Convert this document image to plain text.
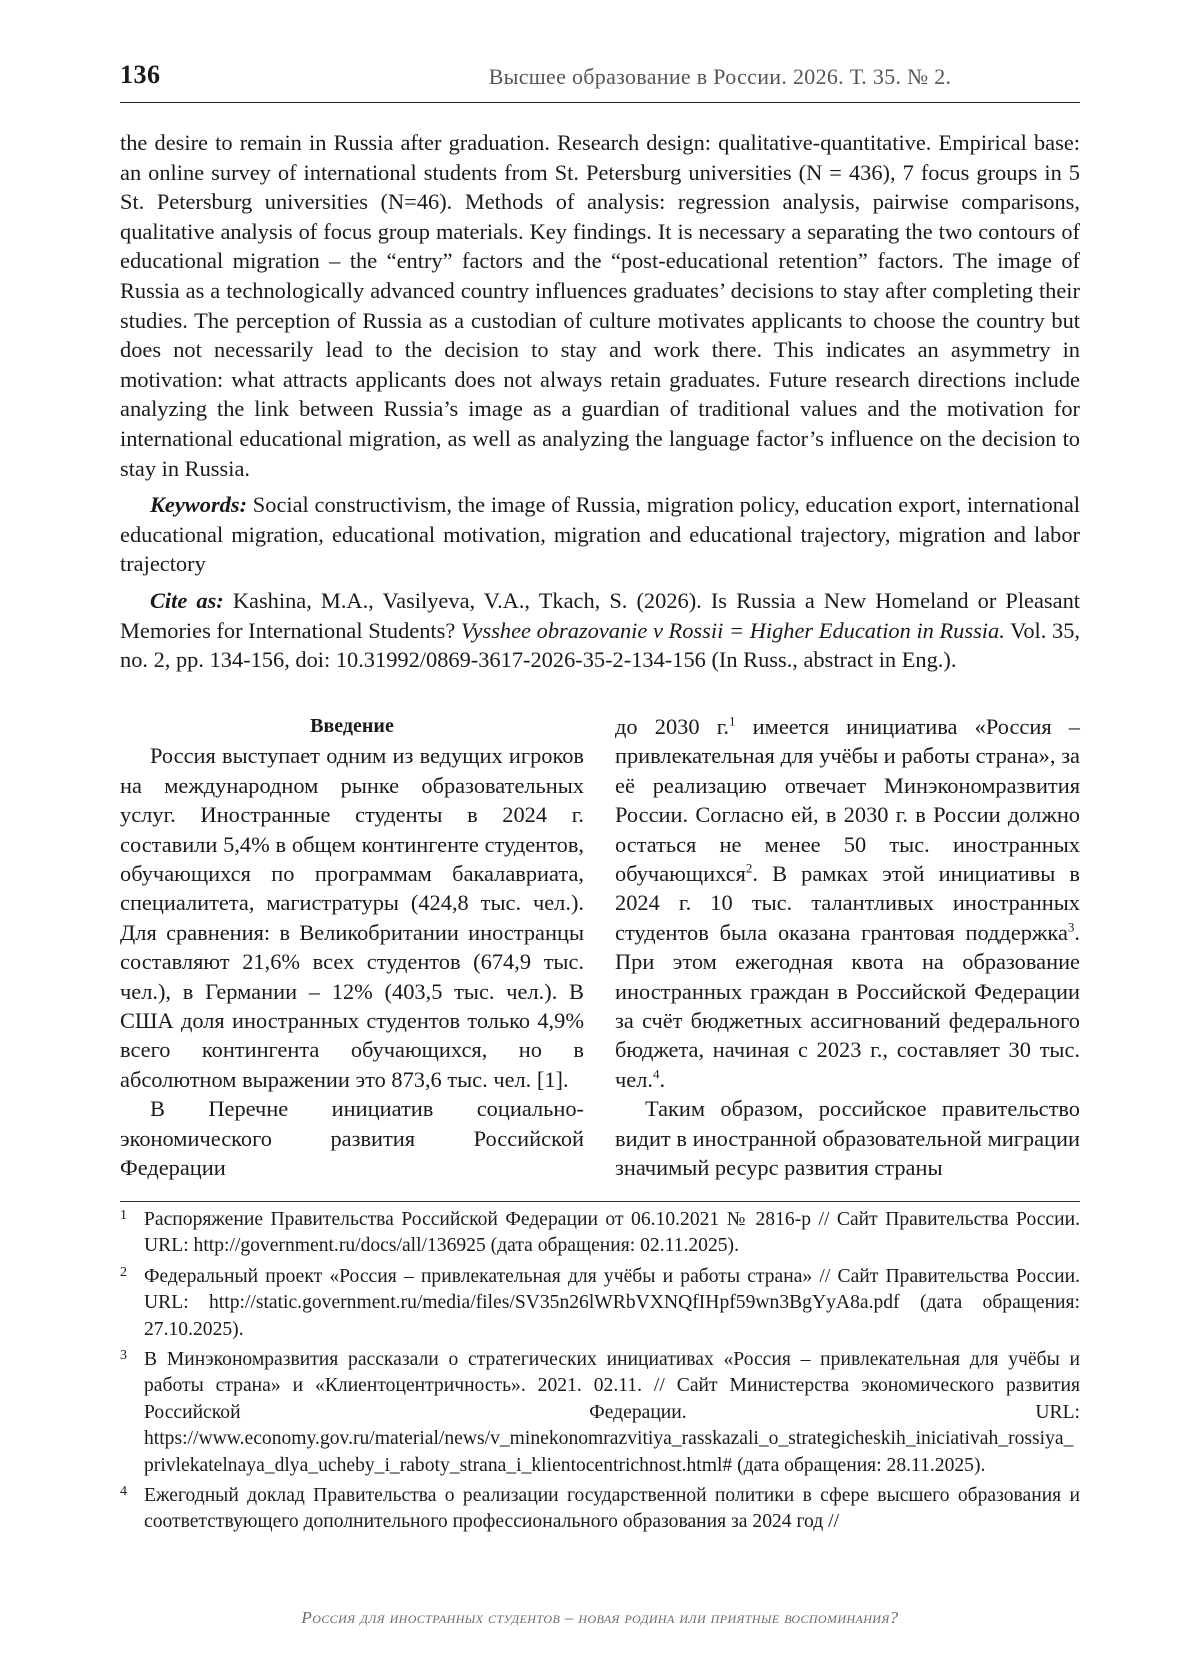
136	Высшее образование в России. 2026. Т. 35. № 2.

the desire to remain in Russia after graduation. Research design: qualitative-quantitative. Empirical base: an online survey of international students from St. Petersburg universities (N = 436), 7 focus groups in 5 St. Petersburg universities (N=46). Methods of analysis: regression analysis, pairwise comparisons, qualitative analysis of focus group materials. Key findings. It is necessary a separating the two contours of educational migration – the “entry” factors and the “post-educational retention” factors. The image of Russia as a technologically advanced country influences graduates’ decisions to stay after completing their studies. The perception of Russia as a custodian of culture motivates applicants to choose the country but does not necessarily lead to the decision to stay and work there. This indicates an asymmetry in motivation: what attracts applicants does not always retain graduates. Future research directions include analyzing the link between Russia’s image as a guardian of traditional values and the motivation for international educational migration, as well as analyzing the language factor’s influence on the decision to stay in Russia.

Keywords: Social constructivism, the image of Russia, migration policy, education export, international educational migration, educational motivation, migration and educational trajectory, migration and labor trajectory

Cite as: Kashina, M.A., Vasilyeva, V.A., Tkach, S. (2026). Is Russia a New Homeland or Pleasant Memories for International Students? Vysshee obrazovanie v Rossii = Higher Education in Russia. Vol. 35, no. 2, pp. 134-156, doi: 10.31992/0869-3617-2026-35-2-134-156 (In Russ., abstract in Eng.).

Введение

Россия выступает одним из ведущих игроков на международном рынке образовательных услуг. Иностранные студенты в 2024 г. составили 5,4% в общем контингенте студентов, обучающихся по программам бакалавриата, специалитета, магистратуры (424,8 тыс. чел.). Для сравнения: в Великобритании иностранцы составляют 21,6% всех студентов (674,9 тыс. чел.), в Германии – 12% (403,5 тыс. чел.). В США доля иностранных студентов только 4,9% всего контингента обучающихся, но в абсолютном выражении это 873,6 тыс. чел. [1].

В Перечне инициатив социально-экономического развития Российской Федерации

до 2030 г.$^1$ имеется инициатива «Россия – привлекательная для учёбы и работы страна», за её реализацию отвечает Минэкономразвития России. Согласно ей, в 2030 г. в России должно остаться не менее 50 тыс. иностранных обучающихся$^2$. В рамках этой инициативы в 2024 г. 10 тыс. талантливых иностранных студентов была оказана грантовая поддержка$^3$. При этом ежегодная квота на образование иностранных граждан в Российской Федерации за счёт бюджетных ассигнований федерального бюджета, начиная с 2023 г., составляет 30 тыс. чел.$^4$.

Таким образом, российское правительство видит в иностранной образовательной миграции значимый ресурс развития страны

1 Распоряжение Правительства Российской Федерации от 06.10.2021 № 2816-р // Сайт Правительства России. URL: http://government.ru/docs/all/136925 (дата обращения: 02.11.2025).
2 Федеральный проект «Россия – привлекательная для учёбы и работы страна» // Сайт Правительства России. URL: http://static.government.ru/media/files/SV35n26lWRbVXNQfIHpf59wn3BgYyA8a.pdf (дата обращения: 27.10.2025).
3 В Минэкономразвития рассказали о стратегических инициативах «Россия – привлекательная для учёбы и работы страна» и «Клиентоцентричность». 2021. 02.11. // Сайт Министерства экономического развития Российской Федерации. URL: https://www.economy.gov.ru/material/news/v_minekonomrazvitiya_rasskazali_o_strategicheskih_iniciativah_rossiya_privlekatelnaya_dlya_ucheby_i_raboty_strana_i_klientocentrichnost.html# (дата обращения: 28.11.2025).
4 Ежегодный доклад Правительства о реализации государственной политики в сфере высшего образования и соответствующего дополнительного профессионального образования за 2024 год //
Россия для иностранных студентов – новая родина или приятные воспоминания?
